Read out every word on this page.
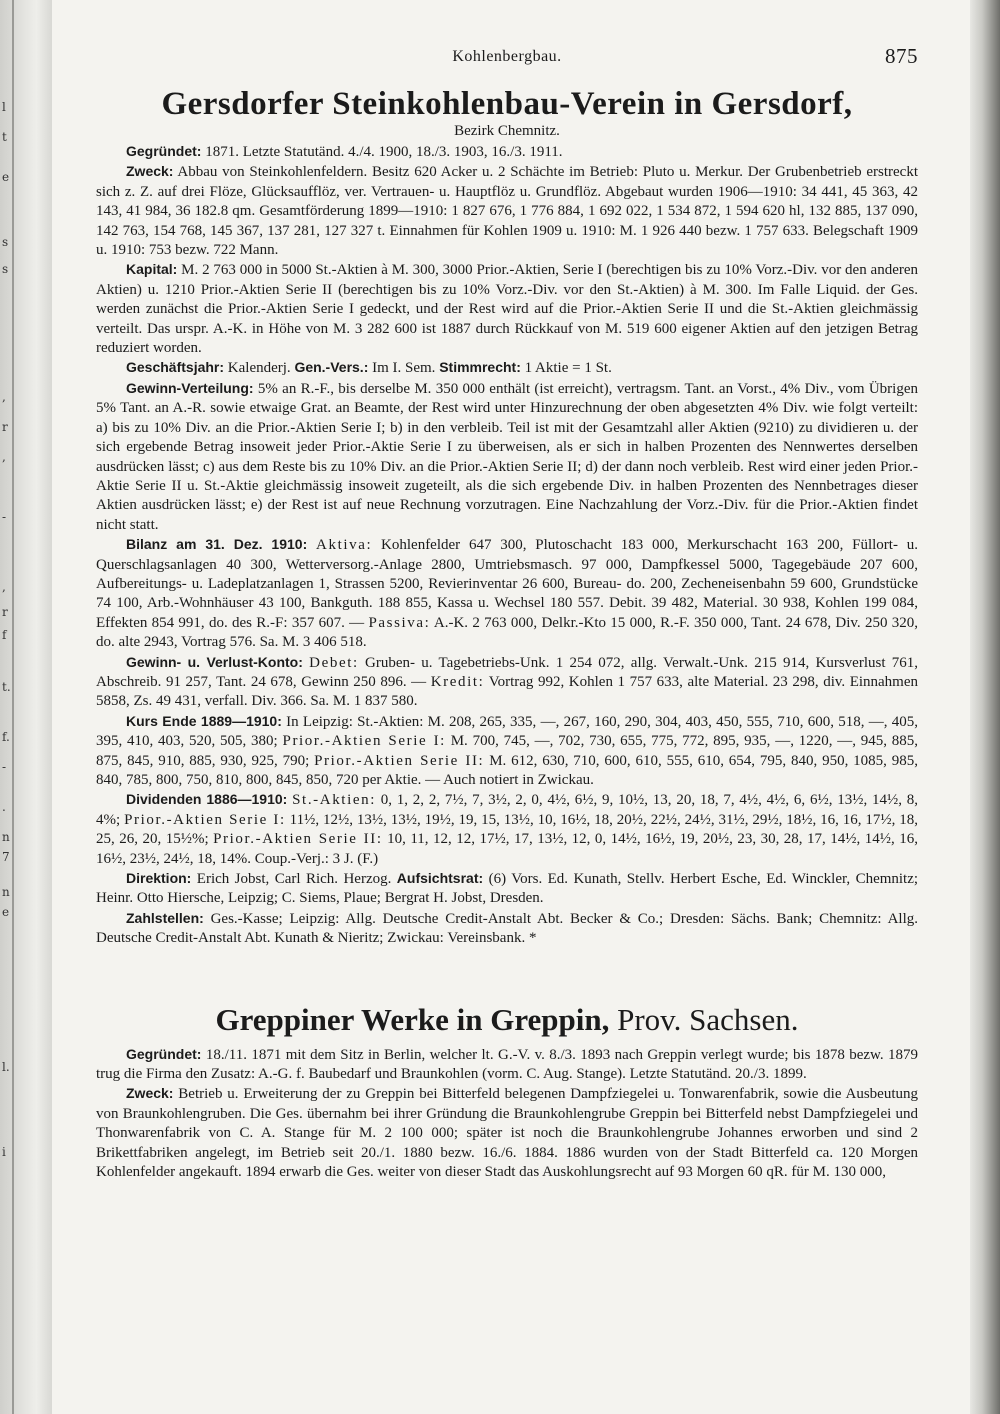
l
t
e
s
s
,
r
,
-
,
r
f
t.
f.
-
.
n
7
n
e
l.
i
Kohlenbergbau.	875
Gersdorfer Steinkohlenbau-Verein in Gersdorf,
Bezirk Chemnitz.

Gegründet: 1871. Letzte Statutänd. 4./4. 1900, 18./3. 1903, 16./3. 1911.

Zweck: Abbau von Steinkohlenfeldern. Besitz 620 Acker u. 2 Schächte im Betrieb: Pluto u. Merkur. Der Grubenbetrieb erstreckt sich z. Z. auf drei Flöze, Glücksaufflöz, ver. Vertrauen- u. Hauptflöz u. Grundflöz. Abgebaut wurden 1906—1910: 34 441, 45 363, 42 143, 41 984, 36 182.8 qm. Gesamtförderung 1899—1910: 1 827 676, 1 776 884, 1 692 022, 1 534 872, 1 594 620 hl, 132 885, 137 090, 142 763, 154 768, 145 367, 137 281, 127 327 t. Einnahmen für Kohlen 1909 u. 1910: M. 1 926 440 bezw. 1 757 633. Belegschaft 1909 u. 1910: 753 bezw. 722 Mann.

Kapital: M. 2 763 000 in 5000 St.-Aktien à M. 300, 3000 Prior.-Aktien, Serie I (berechtigen bis zu 10% Vorz.-Div. vor den anderen Aktien) u. 1210 Prior.-Aktien Serie II (berechtigen bis zu 10% Vorz.-Div. vor den St.-Aktien) à M. 300. Im Falle Liquid. der Ges. werden zunächst die Prior.-Aktien Serie I gedeckt, und der Rest wird auf die Prior.-Aktien Serie II und die St.-Aktien gleichmässig verteilt. Das urspr. A.-K. in Höhe von M. 3 282 600 ist 1887 durch Rückkauf von M. 519 600 eigener Aktien auf den jetzigen Betrag reduziert worden.

Geschäftsjahr: Kalenderj. Gen.-Vers.: Im I. Sem. Stimmrecht: 1 Aktie = 1 St.

Gewinn-Verteilung: 5% an R.-F., bis derselbe M. 350 000 enthält (ist erreicht), vertragsm. Tant. an Vorst., 4% Div., vom Übrigen 5% Tant. an A.-R. sowie etwaige Grat. an Beamte, der Rest wird unter Hinzurechnung der oben abgesetzten 4% Div. wie folgt verteilt: a) bis zu 10% Div. an die Prior.-Aktien Serie I; b) in den verbleib. Teil ist mit der Gesamtzahl aller Aktien (9210) zu dividieren u. der sich ergebende Betrag insoweit jeder Prior.-Aktie Serie I zu überweisen, als er sich in halben Prozenten des Nennwertes derselben ausdrücken lässt; c) aus dem Reste bis zu 10% Div. an die Prior.-Aktien Serie II; d) der dann noch verbleib. Rest wird einer jeden Prior.-Aktie Serie II u. St.-Aktie gleichmässig insoweit zugeteilt, als die sich ergebende Div. in halben Prozenten des Nennbetrages dieser Aktien ausdrücken lässt; e) der Rest ist auf neue Rechnung vorzutragen. Eine Nachzahlung der Vorz.-Div. für die Prior.-Aktien findet nicht statt.

Bilanz am 31. Dez. 1910: Aktiva: Kohlenfelder 647 300, Plutoschacht 183 000, Merkurschacht 163 200, Füllort- u. Querschlagsanlagen 40 300, Wetterversorg.-Anlage 2800, Umtriebsmasch. 97 000, Dampfkessel 5000, Tagegebäude 207 600, Aufbereitungs- u. Ladeplatzanlagen 1, Strassen 5200, Revierinventar 26 600, Bureau- do. 200, Zecheneisenbahn 59 600, Grundstücke 74 100, Arb.-Wohnhäuser 43 100, Bankguth. 188 855, Kassa u. Wechsel 180 557. Debit. 39 482, Material. 30 938, Kohlen 199 084, Effekten 854 991, do. des R.-F: 357 607. — Passiva: A.-K. 2 763 000, Delkr.-Kto 15 000, R.-F. 350 000, Tant. 24 678, Div. 250 320, do. alte 2943, Vortrag 576. Sa. M. 3 406 518.

Gewinn- u. Verlust-Konto: Debet: Gruben- u. Tagebetriebs-Unk. 1 254 072, allg. Verwalt.-Unk. 215 914, Kursverlust 761, Abschreib. 91 257, Tant. 24 678, Gewinn 250 896. — Kredit: Vortrag 992, Kohlen 1 757 633, alte Material. 23 298, div. Einnahmen 5858, Zs. 49 431, verfall. Div. 366. Sa. M. 1 837 580.

Kurs Ende 1889—1910: In Leipzig: St.-Aktien: M. 208, 265, 335, —, 267, 160, 290, 304, 403, 450, 555, 710, 600, 518, —, 405, 395, 410, 403, 520, 505, 380; Prior.-Aktien Serie I: M. 700, 745, —, 702, 730, 655, 775, 772, 895, 935, —, 1220, —, 945, 885, 875, 845, 910, 885, 930, 925, 790; Prior.-Aktien Serie II: M. 612, 630, 710, 600, 610, 555, 610, 654, 795, 840, 950, 1085, 985, 840, 785, 800, 750, 810, 800, 845, 850, 720 per Aktie. — Auch notiert in Zwickau.

Dividenden 1886—1910: St.-Aktien: 0, 1, 2, 2, 7½, 7, 3½, 2, 0, 4½, 6½, 9, 10½, 13, 20, 18, 7, 4½, 4½, 6, 6½, 13½, 14½, 8, 4%; Prior.-Aktien Serie I: 11½, 12½, 13½, 13½, 19½, 19, 15, 13½, 10, 16½, 18, 20½, 22½, 24½, 31½, 29½, 18½, 16, 16, 17½, 18, 25, 26, 20, 15½%; Prior.-Aktien Serie II: 10, 11, 12, 12, 17½, 17, 13½, 12, 0, 14½, 16½, 19, 20½, 23, 30, 28, 17, 14½, 14½, 16, 16½, 23½, 24½, 18, 14%. Coup.-Verj.: 3 J. (F.)

Direktion: Erich Jobst, Carl Rich. Herzog. Aufsichtsrat: (6) Vors. Ed. Kunath, Stellv. Herbert Esche, Ed. Winckler, Chemnitz; Heinr. Otto Hiersche, Leipzig; C. Siems, Plaue; Bergrat H. Jobst, Dresden.

Zahlstellen: Ges.-Kasse; Leipzig: Allg. Deutsche Credit-Anstalt Abt. Becker & Co.; Dresden: Sächs. Bank; Chemnitz: Allg. Deutsche Credit-Anstalt Abt. Kunath & Nieritz; Zwickau: Vereinsbank. *

Greppiner Werke in Greppin, Prov. Sachsen.

Gegründet: 18./11. 1871 mit dem Sitz in Berlin, welcher lt. G.-V. v. 8./3. 1893 nach Greppin verlegt wurde; bis 1878 bezw. 1879 trug die Firma den Zusatz: A.-G. f. Baubedarf und Braunkohlen (vorm. C. Aug. Stange). Letzte Statutänd. 20./3. 1899.

Zweck: Betrieb u. Erweiterung der zu Greppin bei Bitterfeld belegenen Dampfziegelei u. Tonwarenfabrik, sowie die Ausbeutung von Braunkohlengruben. Die Ges. übernahm bei ihrer Gründung die Braunkohlengrube Greppin bei Bitterfeld nebst Dampfziegelei und Thonwarenfabrik von C. A. Stange für M. 2 100 000; später ist noch die Braunkohlengrube Johannes erworben und sind 2 Brikettfabriken angelegt, im Betrieb seit 20./1. 1880 bezw. 16./6. 1884. 1886 wurden von der Stadt Bitterfeld ca. 120 Morgen Kohlenfelder angekauft. 1894 erwarb die Ges. weiter von dieser Stadt das Auskohlungsrecht auf 93 Morgen 60 qR. für M. 130 000,
